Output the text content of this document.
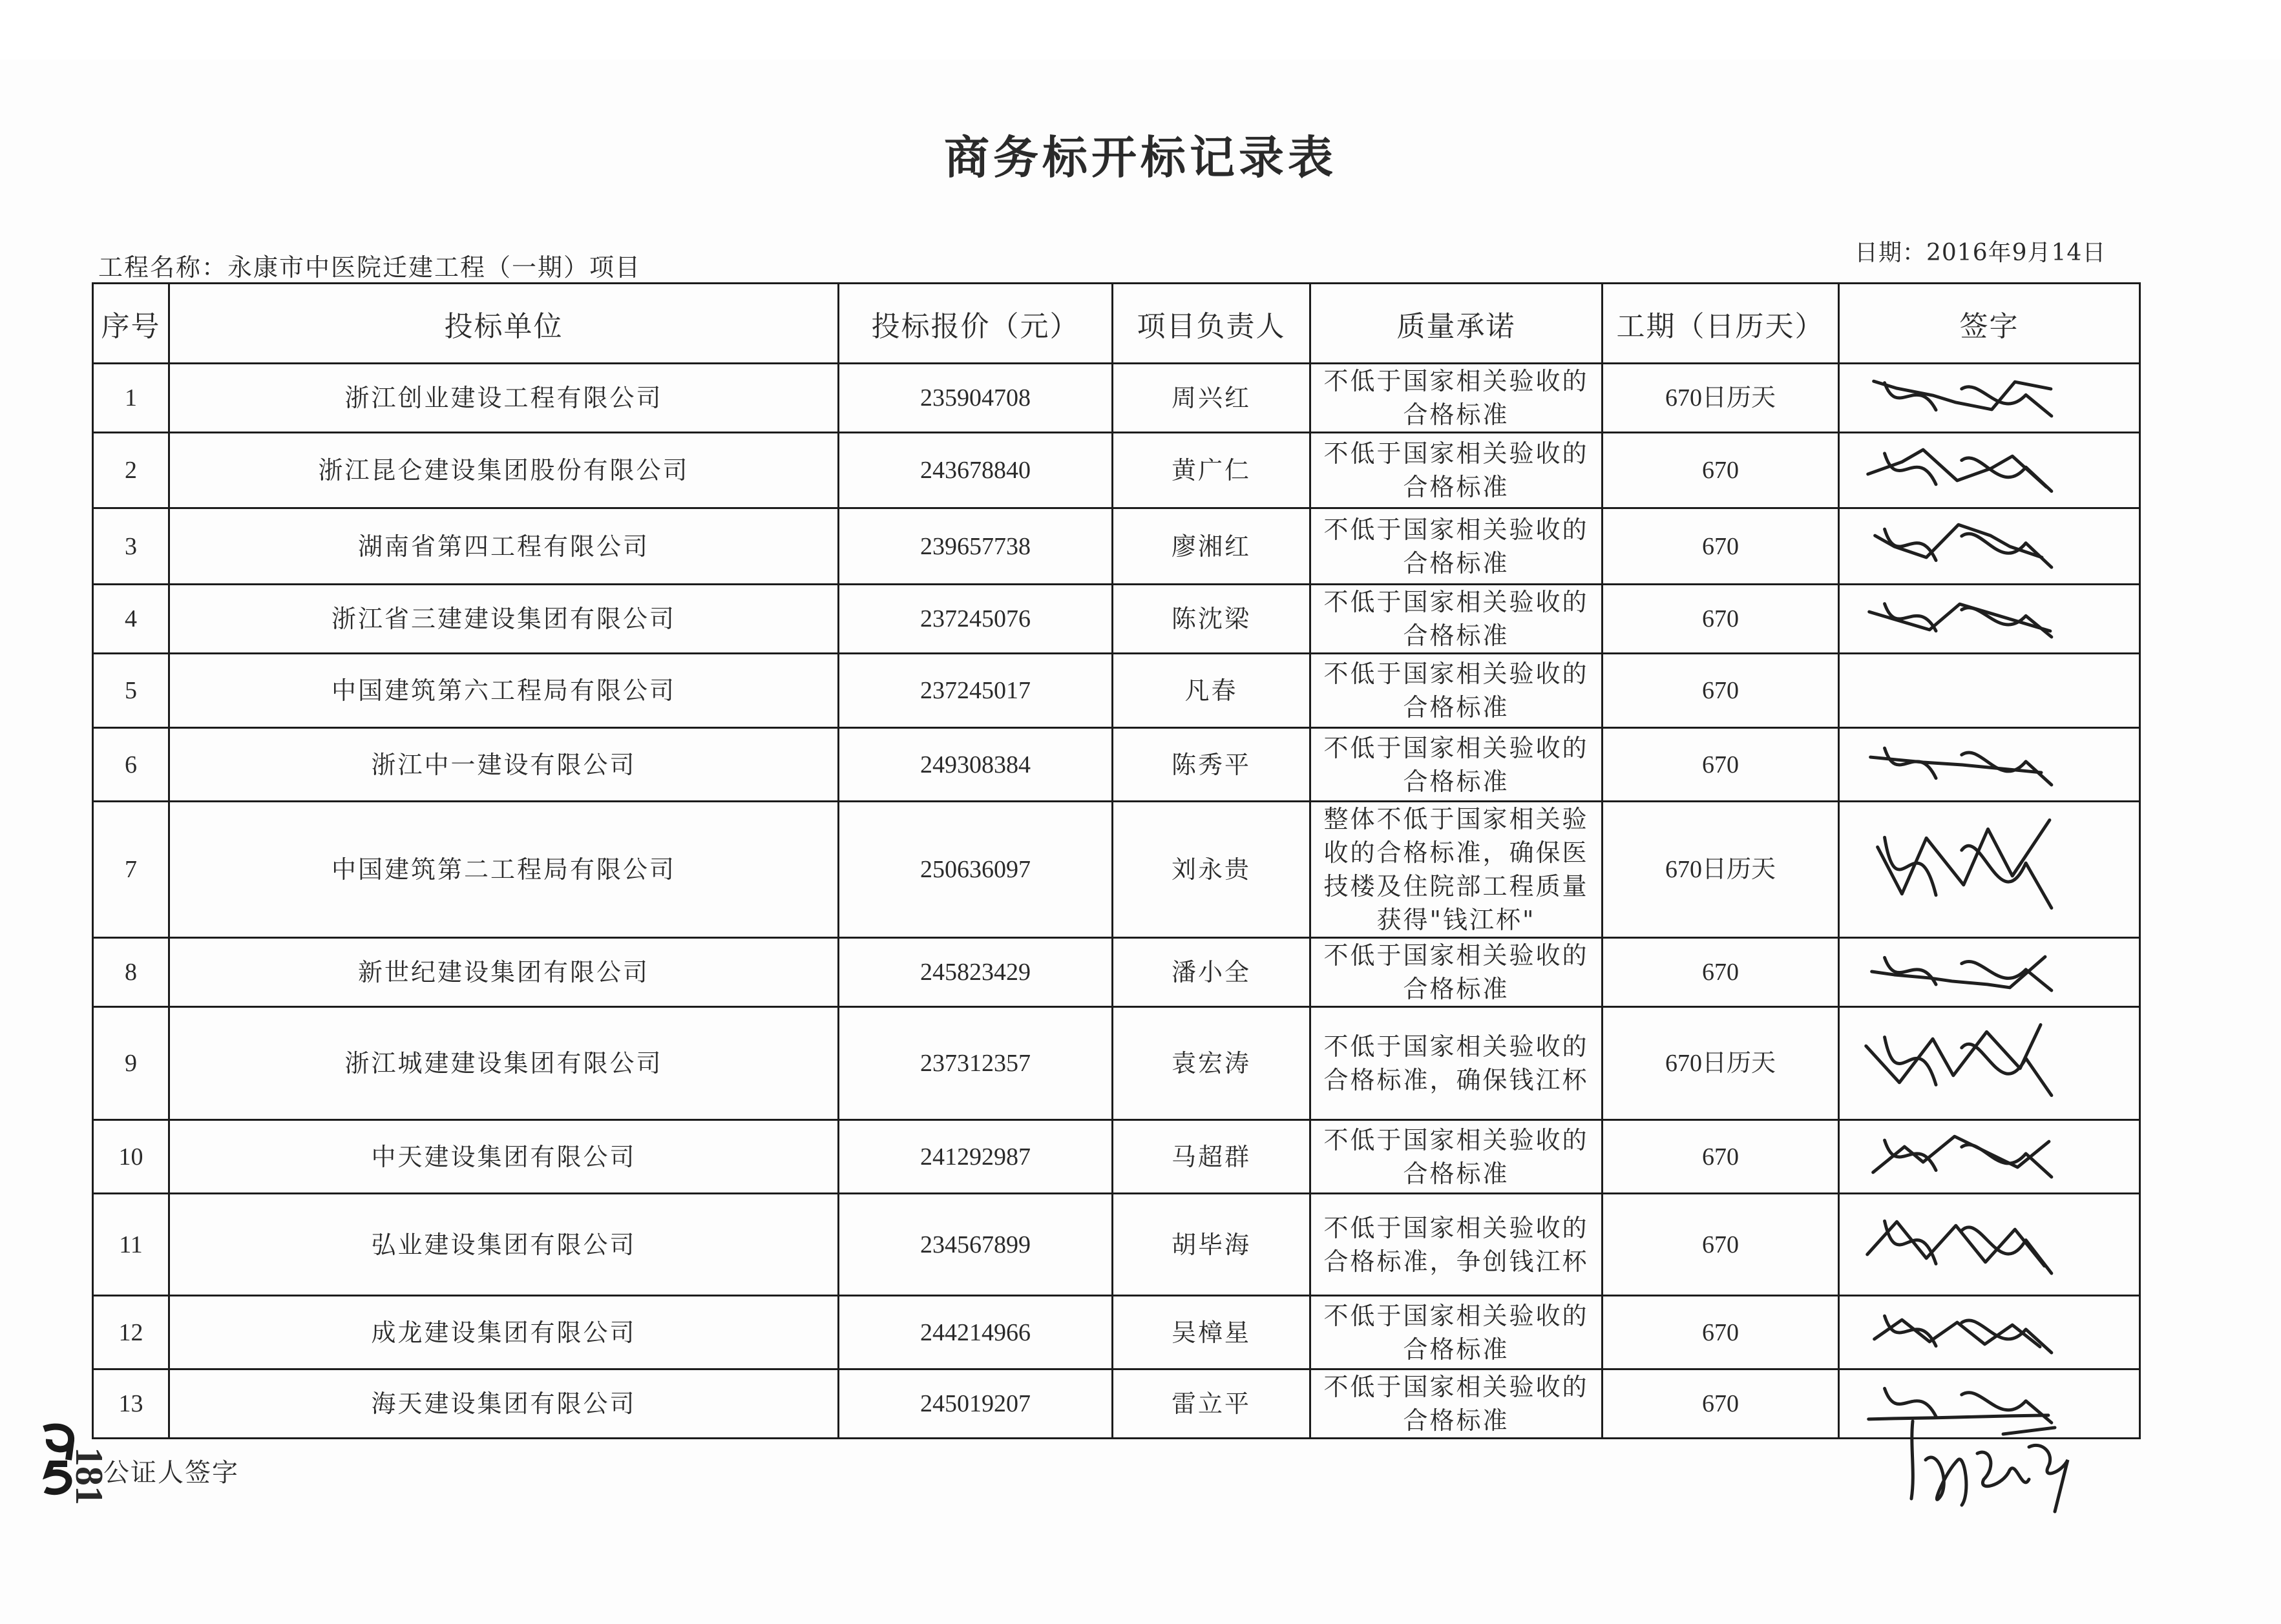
商务标开标记录表
工程名称：永康市中医院迁建工程（一期）项目
日期：2016年9月14日
序号	投标单位	投标报价（元）	项目负责人	质量承诺	工期（日历天）	签字
1	浙江创业建设工程有限公司	235904708	周兴红	不低于国家相关验收的合格标准	670日历天	

2	浙江昆仑建设集团股份有限公司	243678840	黄广仁	不低于国家相关验收的合格标准	670	

3	湖南省第四工程有限公司	239657738	廖湘红	不低于国家相关验收的合格标准	670	

4	浙江省三建建设集团有限公司	237245076	陈沈梁	不低于国家相关验收的合格标准	670	

5	中国建筑第六工程局有限公司	237245017	凡春	不低于国家相关验收的合格标准	670	
6	浙江中一建设有限公司	249308384	陈秀平	不低于国家相关验收的合格标准	670	

7	中国建筑第二工程局有限公司	250636097	刘永贵	整体不低于国家相关验收的合格标准，确保医技楼及住院部工程质量获得"钱江杯"	670日历天	

8	新世纪建设集团有限公司	245823429	潘小全	不低于国家相关验收的合格标准	670	

9	浙江城建建设集团有限公司	237312357	袁宏涛	不低于国家相关验收的合格标准，确保钱江杯	670日历天	

10	中天建设集团有限公司	241292987	马超群	不低于国家相关验收的合格标准	670	

11	弘业建设集团有限公司	234567899	胡毕海	不低于国家相关验收的合格标准，争创钱江杯	670	

12	成龙建设集团有限公司	244214966	吴樟星	不低于国家相关验收的合格标准	670	

13	海天建设集团有限公司	245019207	雷立平	不低于国家相关验收的合格标准	670	
公证人签字
181
